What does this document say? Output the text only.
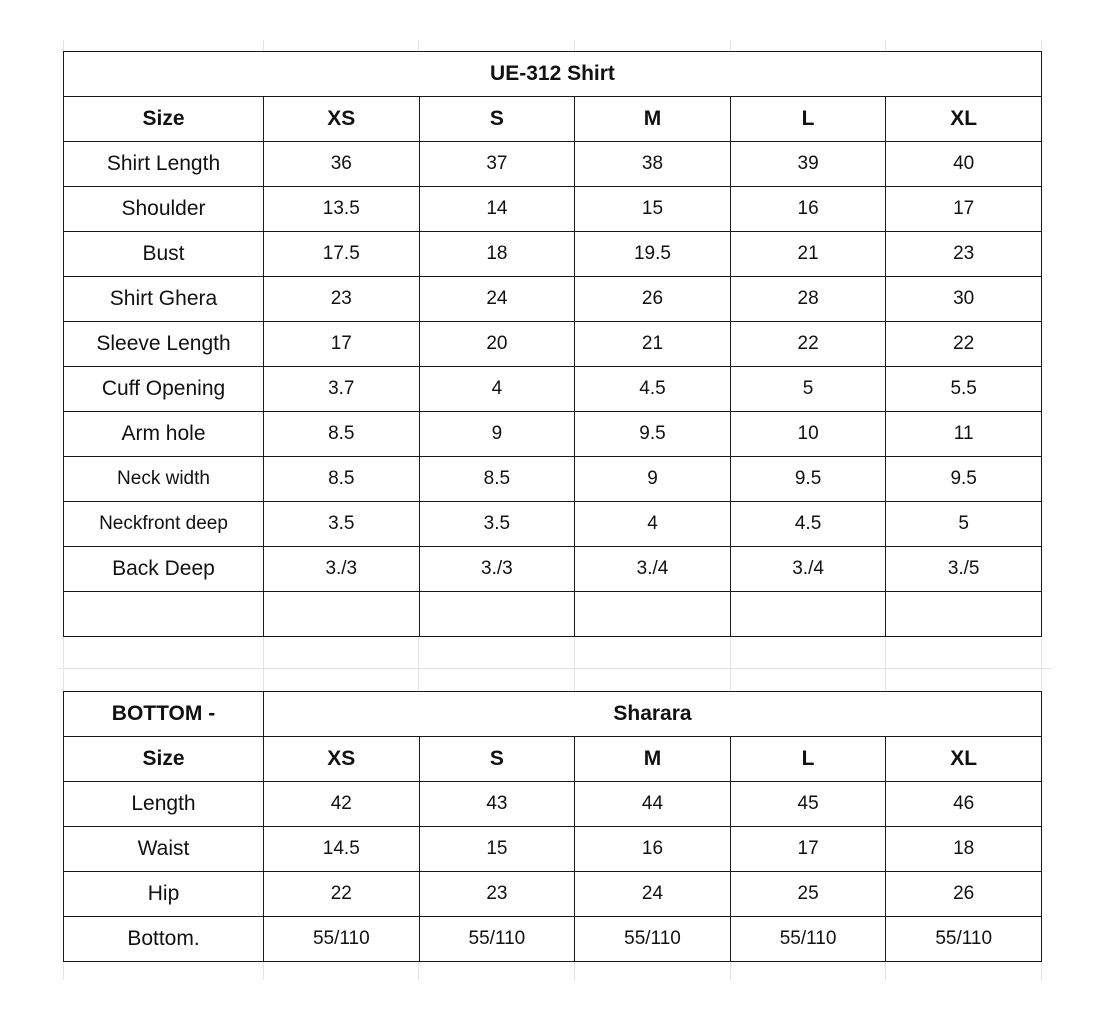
UE-312 Shirt					
Size	XS	S	M	L	XL
Shirt Length	36	37	38	39	40
Shoulder	13.5	14	15	16	17
Bust	17.5	18	19.5	21	23
Shirt Ghera	23	24	26	28	30
Sleeve Length	17	20	21	22	22
Cuff Opening	3.7	4	4.5	5	5.5
Arm hole	8.5	9	9.5	10	11
Neck width	8.5	8.5	9	9.5	9.5
Neckfront deep	3.5	3.5	4	4.5	5
Back Deep	3./3	3./3	3./4	3./4	3./5

BOTTOM -	Sharara				
Size	XS	S	M	L	XL
Length	42	43	44	45	46
Waist	14.5	15	16	17	18
Hip	22	23	24	25	26
Bottom.	55/110	55/110	55/110	55/110	55/110
